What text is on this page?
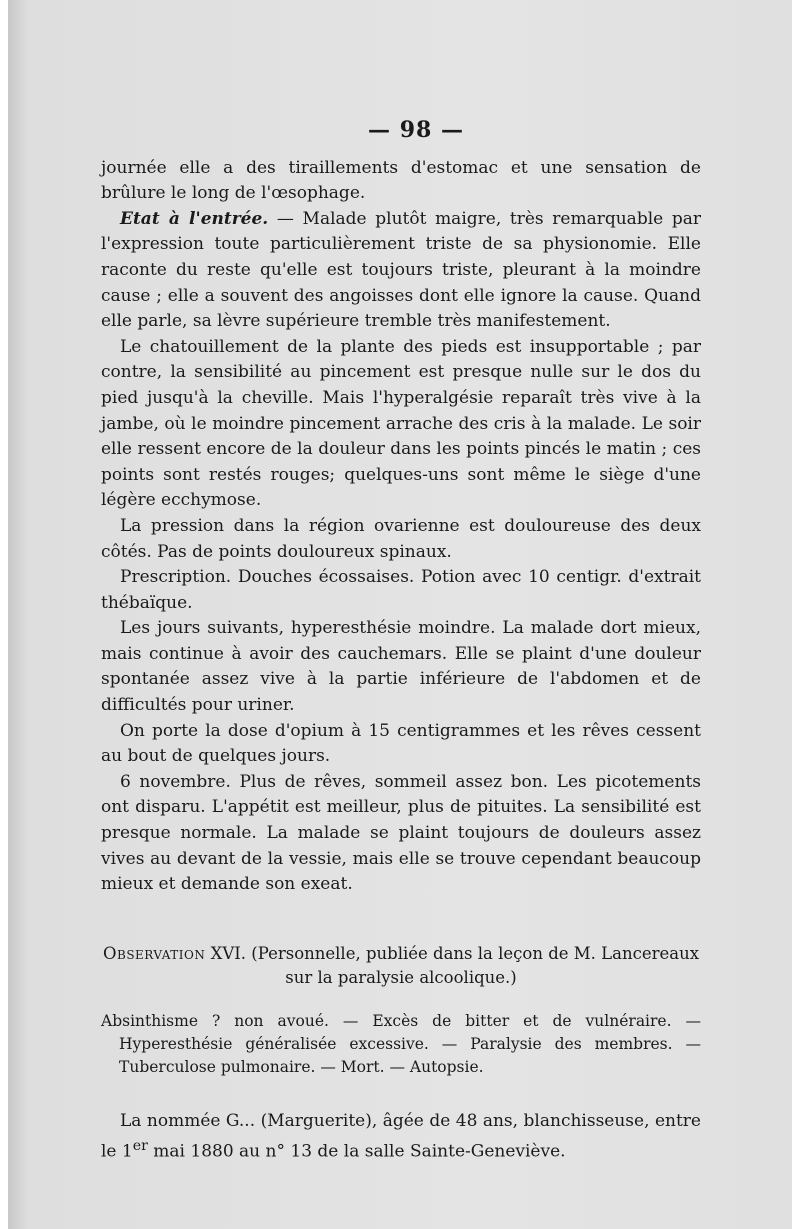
— 98 —

journée elle a des tiraillements d'estomac et une sensation de brûlure le long de l'œsophage.

Etat à l'entrée. — Malade plutôt maigre, très remarquable par l'expression toute particulièrement triste de sa physionomie. Elle raconte du reste qu'elle est toujours triste, pleurant à la moindre cause ; elle a souvent des angoisses dont elle ignore la cause. Quand elle parle, sa lèvre supérieure tremble très manifestement.

Le chatouillement de la plante des pieds est insupportable ; par contre, la sensibilité au pincement est presque nulle sur le dos du pied jusqu'à la cheville. Mais l'hyperalgésie reparaît très vive à la jambe, où le moindre pincement arrache des cris à la malade. Le soir elle ressent encore de la douleur dans les points pincés le matin ; ces points sont restés rouges; quelques-uns sont même le siège d'une légère ecchymose.

La pression dans la région ovarienne est douloureuse des deux côtés. Pas de points douloureux spinaux.

Prescription. Douches écossaises. Potion avec 10 centigr. d'extrait thébaïque.

Les jours suivants, hyperesthésie moindre. La malade dort mieux, mais continue à avoir des cauchemars. Elle se plaint d'une douleur spontanée assez vive à la partie inférieure de l'abdomen et de difficultés pour uriner.

On porte la dose d'opium à 15 centigrammes et les rêves cessent au bout de quelques jours.

6 novembre. Plus de rêves, sommeil assez bon. Les picotements ont disparu. L'appétit est meilleur, plus de pituites. La sensibilité est presque normale. La malade se plaint toujours de douleurs assez vives au devant de la vessie, mais elle se trouve cependant beaucoup mieux et demande son exeat.

Observation XVI. (Personnelle, publiée dans la leçon de M. Lancereaux sur la paralysie alcoolique.)

Absinthisme ? non avoué. — Excès de bitter et de vulnéraire. — Hyperesthésie généralisée excessive. — Paralysie des membres. — Tuberculose pulmonaire. — Mort. — Autopsie.

La nommée G... (Marguerite), âgée de 48 ans, blanchisseuse, entre le 1er mai 1880 au n° 13 de la salle Sainte-Geneviève.
